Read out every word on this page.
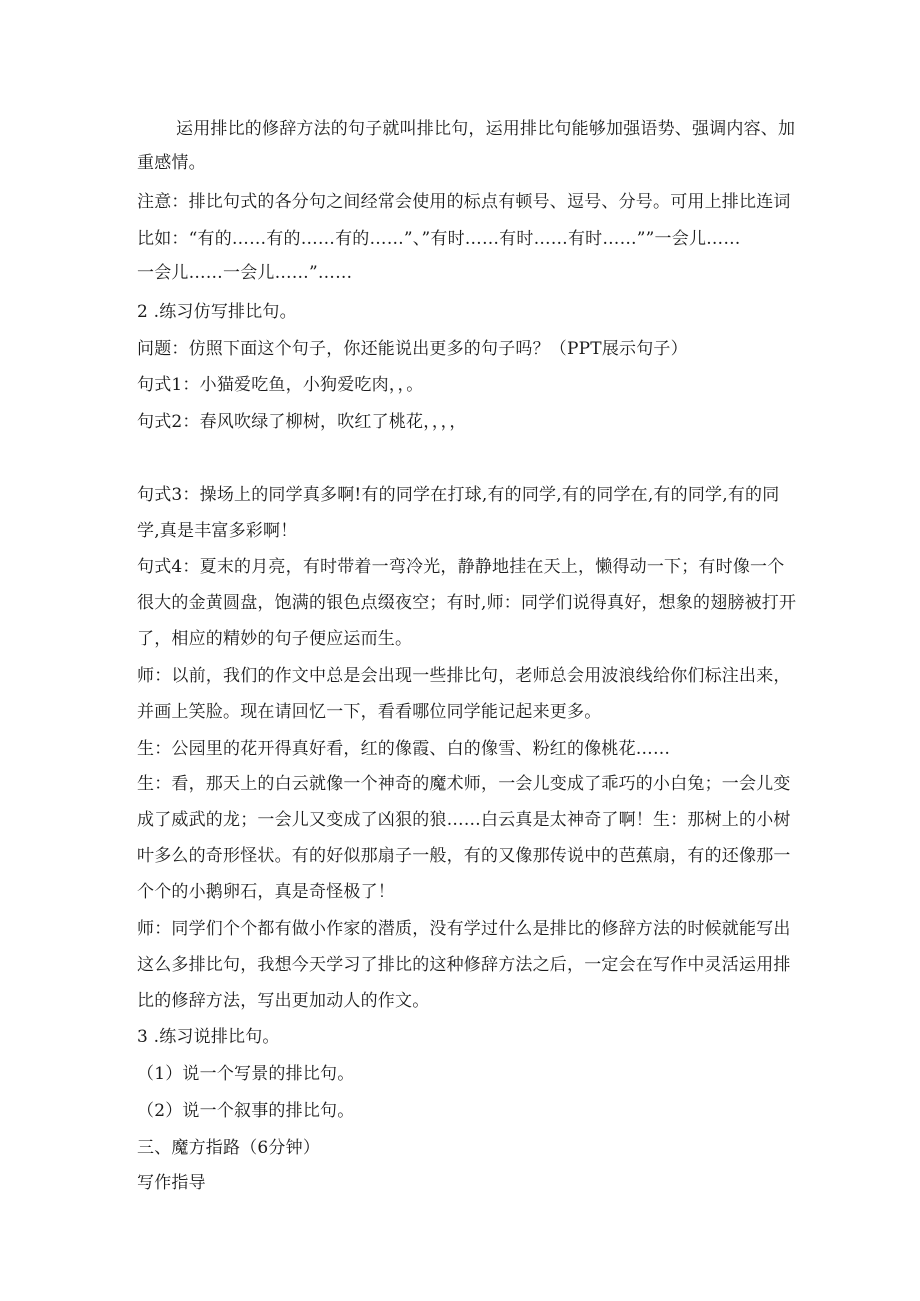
运用排比的修辞方法的句子就叫排比句，运用排比句能够加强语势、强调内容、加
重感情。
注意：排比句式的各分句之间经常会使用的标点有顿号、逗号、分号。可用上排比连词
比如：“有的……有的……有的……”、”有时……有时……有时……””一会儿……
一会儿……一会儿……”……
2 .练习仿写排比句。
问题：仿照下面这个句子，你还能说出更多的句子吗？（PPT展示句子）
句式1：小猫爱吃鱼，小狗爱吃肉，，。
句式2：春风吹绿了柳树，吹红了桃花，，，，
句式3：操场上的同学真多啊!有的同学在打球,有的同学,有的同学在,有的同学,有的同
学,真是丰富多彩啊！
句式4：夏末的月亮，有时带着一弯冷光，静静地挂在天上，懒得动一下；有时像一个
很大的金黄圆盘，饱满的银色点缀夜空；有时,师：同学们说得真好，想象的翅膀被打开
了，相应的精妙的句子便应运而生。
师：以前，我们的作文中总是会出现一些排比句，老师总会用波浪线给你们标注出来，
并画上笑脸。现在请回忆一下，看看哪位同学能记起来更多。
生：公园里的花开得真好看，红的像霞、白的像雪、粉红的像桃花……
生：看，那天上的白云就像一个神奇的魔术师，一会儿变成了乖巧的小白兔；一会儿变
成了威武的龙；一会儿又变成了凶狠的狼……白云真是太神奇了啊！生：那树上的小树
叶多么的奇形怪状。有的好似那扇子一般，有的又像那传说中的芭蕉扇，有的还像那一
个个的小鹅卵石，真是奇怪极了！
师：同学们个个都有做小作家的潜质，没有学过什么是排比的修辞方法的时候就能写出
这么多排比句，我想今天学习了排比的这种修辞方法之后，一定会在写作中灵活运用排
比的修辞方法，写出更加动人的作文。
3 .练习说排比句。
（1）说一个写景的排比句。
（2）说一个叙事的排比句。
三、魔方指路（6分钟）
写作指导
